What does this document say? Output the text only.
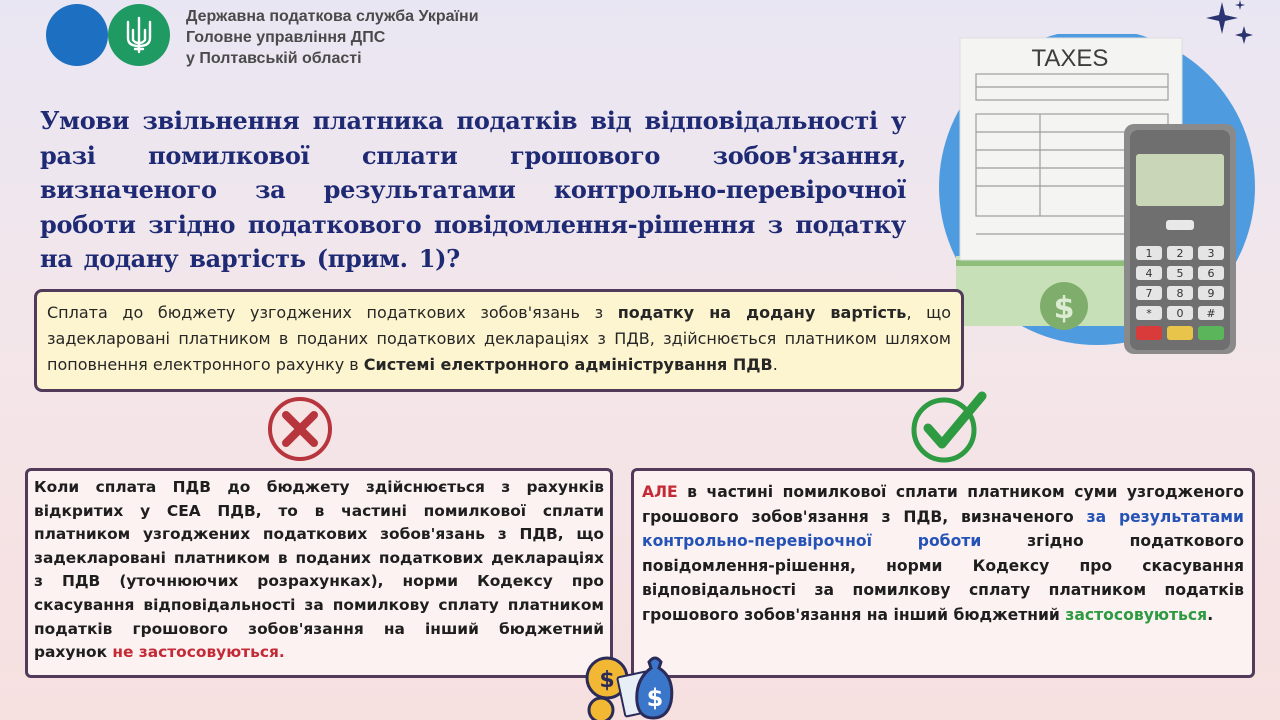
Державна податкова служба України
Головне управління ДПС
у Полтавській області
Умови звільнення платника податків від відповідальності у разі помилкової сплати грошового зобов'язання, визначеного за результатами контрольно-перевірочної роботи згідно податкового повідомлення-рішення з податку на додану вартість (прим. 1)?
$
TAXES
1 2 3
4 5 6
7 8 9
* 0 #
Сплата до бюджету узгоджених податкових зобов'язань з податку на додану вартість, що задекларовані платником в поданих податкових деклараціях з ПДВ, здійснюється платником шляхом поповнення електронного рахунку в Системі електронного адміністрування ПДВ.
Коли сплата ПДВ до бюджету здійснюється з рахунків відкритих у СЕА ПДВ, то в частині помилкової сплати платником узгоджених податкових зобов'язань з ПДВ, що задекларовані платником в поданих податкових деклараціях з ПДВ (уточнюючих розрахунках), норми Кодексу про скасування відповідальності за помилкову сплату платником податків грошового зобов'язання на інший бюджетний рахунок не застосовуються.
АЛЕ в частині помилкової сплати платником суми узгодженого грошового зобов'язання з ПДВ, визначеного за результатами контрольно-перевірочної роботи згідно податкового повідомлення-рішення, норми Кодексу про скасування відповідальності за помилкову сплату платником податків грошового зобов'язання на інший бюджетний застосовуються.
$
$
